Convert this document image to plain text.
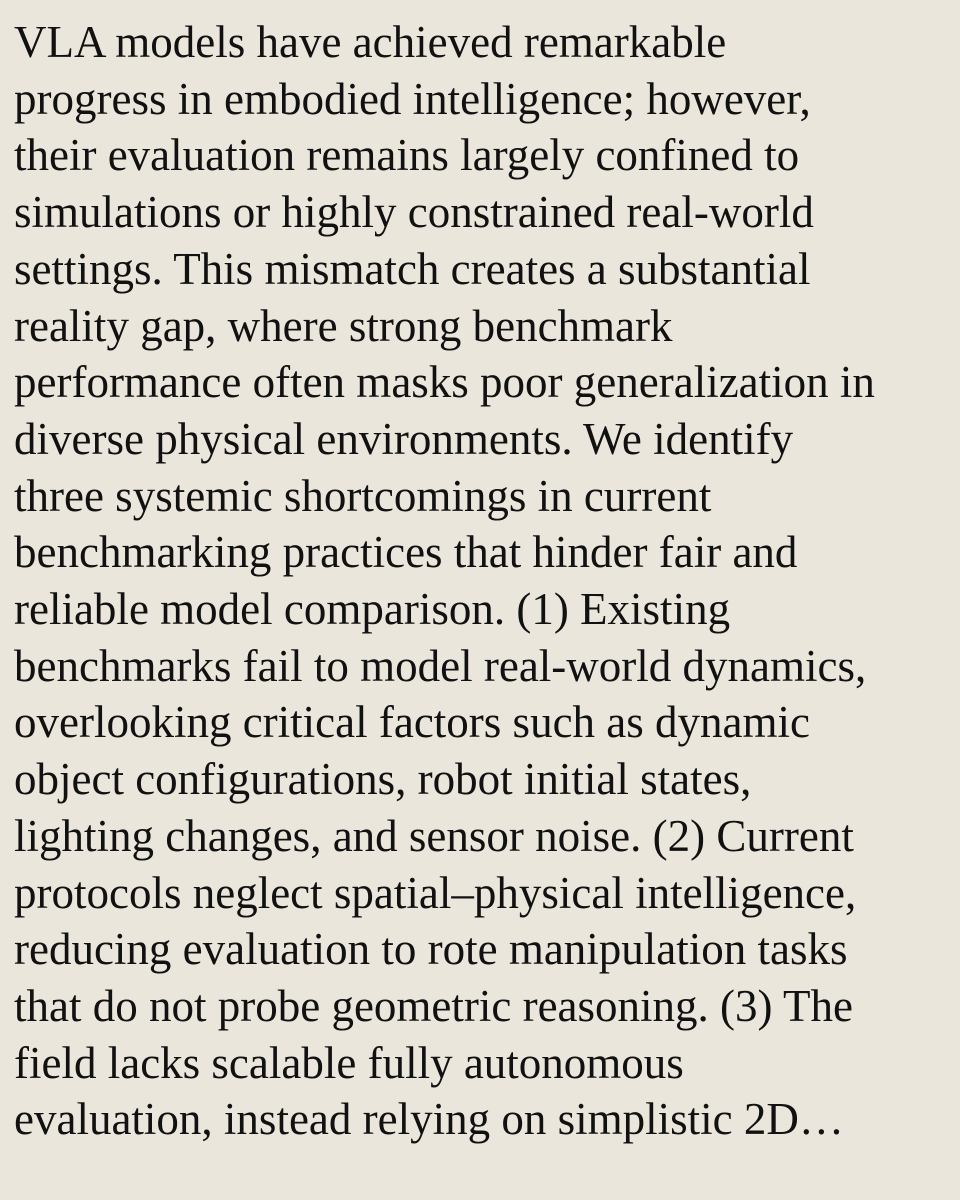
VLA models have achieved remarkable

progress in embodied intelligence; however,

their evaluation remains largely confined to

simulations or highly constrained real-world

settings. This mismatch creates a substantial

reality gap, where strong benchmark

performance often masks poor generalization in

diverse physical environments. We identify

three systemic shortcomings in current

benchmarking practices that hinder fair and

reliable model comparison. (1) Existing

benchmarks fail to model real-world dynamics,

overlooking critical factors such as dynamic

object configurations, robot initial states,

lighting changes, and sensor noise. (2) Current

protocols neglect spatial–physical intelligence,

reducing evaluation to rote manipulation tasks

that do not probe geometric reasoning. (3) The

field lacks scalable fully autonomous

evaluation, instead relying on simplistic 2D…
